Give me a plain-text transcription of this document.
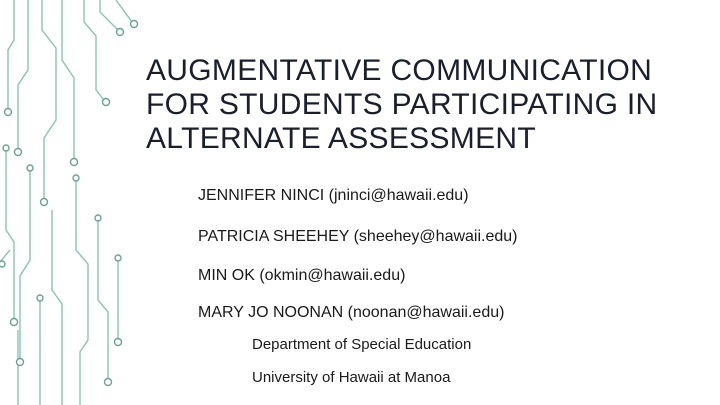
AUGMENTATIVE COMMUNICATION
FOR STUDENTS PARTICIPATING IN
ALTERNATE ASSESSMENT
JENNIFER NINCI (jninci@hawaii.edu)
PATRICIA SHEEHEY (sheehey@hawaii.edu)
MIN OK (okmin@hawaii.edu)
MARY JO NOONAN (noonan@hawaii.edu)
Department of Special Education
University of Hawaii at Manoa
